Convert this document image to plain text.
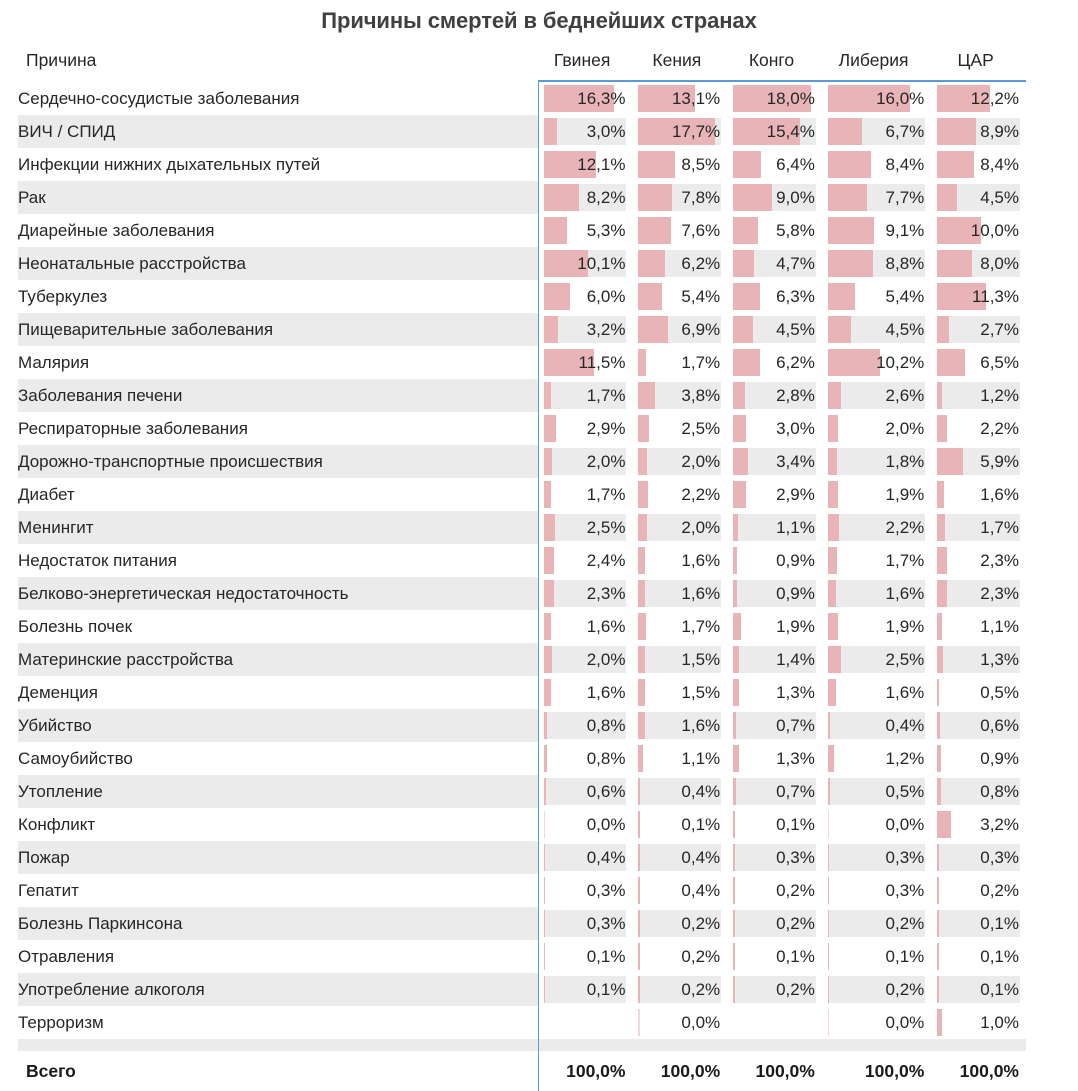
Причины смертей в беднейших странах
Причина	Гвинея	Кения	Конго	Либерия	ЦАР

Сердечно-сосудистые заболевания	16,3%	13,1%	18,0%	16,0%	12,2%

ВИЧ / СПИД	3,0%	17,7%	15,4%	6,7%	8,9%

Инфекции нижних дыхательных путей	12,1%	8,5%	6,4%	8,4%	8,4%

Рак	8,2%	7,8%	9,0%	7,7%	4,5%

Диарейные заболевания	5,3%	7,6%	5,8%	9,1%	10,0%

Неонатальные расстройства	10,1%	6,2%	4,7%	8,8%	8,0%

Туберкулез	6,0%	5,4%	6,3%	5,4%	11,3%

Пищеварительные заболевания	3,2%	6,9%	4,5%	4,5%	2,7%

Малярия	11,5%	1,7%	6,2%	10,2%	6,5%

Заболевания печени	1,7%	3,8%	2,8%	2,6%	1,2%

Респираторные заболевания	2,9%	2,5%	3,0%	2,0%	2,2%

Дорожно-транспортные происшествия	2,0%	2,0%	3,4%	1,8%	5,9%

Диабет	1,7%	2,2%	2,9%	1,9%	1,6%

Менингит	2,5%	2,0%	1,1%	2,2%	1,7%

Недостаток питания	2,4%	1,6%	0,9%	1,7%	2,3%

Белково-энергетическая недостаточность	2,3%	1,6%	0,9%	1,6%	2,3%

Болезнь почек	1,6%	1,7%	1,9%	1,9%	1,1%

Материнские расстройства	2,0%	1,5%	1,4%	2,5%	1,3%

Деменция	1,6%	1,5%	1,3%	1,6%	0,5%

Убийство	0,8%	1,6%	0,7%	0,4%	0,6%

Самоубийство	0,8%	1,1%	1,3%	1,2%	0,9%

Утопление	0,6%	0,4%	0,7%	0,5%	0,8%

Конфликт	0,0%	0,1%	0,1%	0,0%	3,2%

Пожар	0,4%	0,4%	0,3%	0,3%	0,3%

Гепатит	0,3%	0,4%	0,2%	0,3%	0,2%

Болезнь Паркинсона	0,3%	0,2%	0,2%	0,2%	0,1%

Отравления	0,1%	0,2%	0,1%	0,1%	0,1%

Употребление алкоголя	0,1%	0,2%	0,2%	0,2%	0,1%

Терроризм		0,0%		0,0%	1,0%

Всего	100,0%	100,0%	100,0%	100,0%	100,0%
